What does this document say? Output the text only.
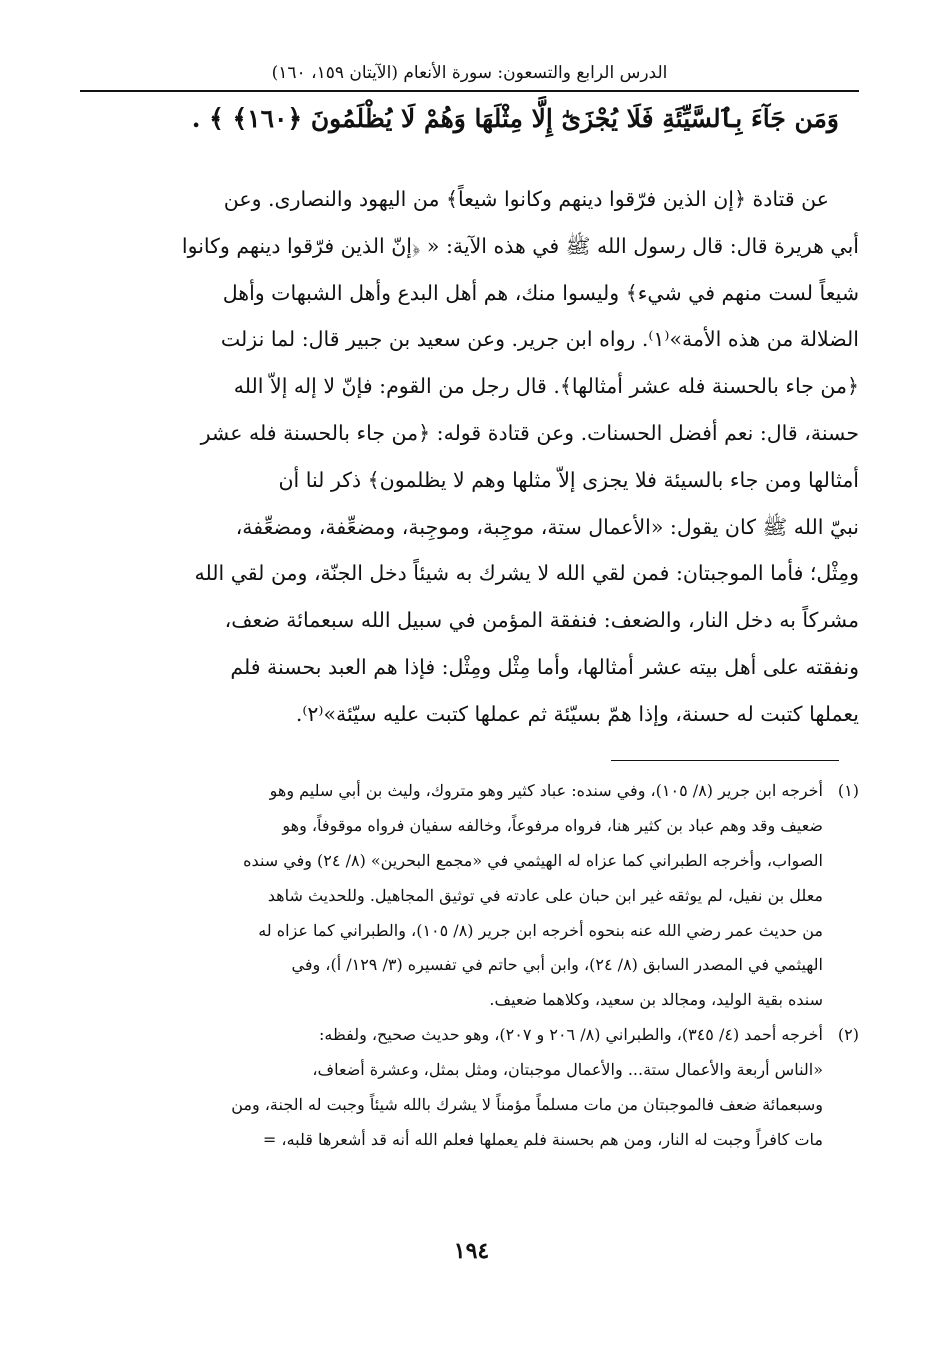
الدرس الرابع والتسعون: سورة الأنعام (الآيتان ١٥٩، ١٦٠)
وَمَن جَآءَ بِٱلسَّيِّئَةِ فَلَا يُجْزَىٰٓ إِلَّا مِثْلَهَا وَهُمْ لَا يُظْلَمُونَ ﴿١٦٠﴾ ﴾ .
عن قتادة ﴿إن الذين فرّقوا دينهم وكانوا شيعاً﴾ من اليهود والنصارى. وعن
أبي هريرة قال: قال رسول الله ﷺ في هذه الآية: « ﴿إنّ الذين فرّقوا دينهم وكانوا
شيعاً لست منهم في شيء﴾ وليسوا منك، هم أهل البدع وأهل الشبهات وأهل
الضلالة من هذه الأمة»⁽١⁾. رواه ابن جرير. وعن سعيد بن جبير قال: لما نزلت
﴿من جاء بالحسنة فله عشر أمثالها﴾. قال رجل من القوم: فإنّ لا إله إلاّ الله
حسنة، قال: نعم أفضل الحسنات. وعن قتادة قوله: ﴿من جاء بالحسنة فله عشر
أمثالها ومن جاء بالسيئة فلا يجزى إلاّ مثلها وهم لا يظلمون﴾ ذكر لنا أن
نبيّ الله ﷺ كان يقول: «الأعمال ستة، موجِبة، وموجِبة، ومضعِّفة، ومضعِّفة،
ومِثْل؛ فأما الموجبتان: فمن لقي الله لا يشرك به شيئاً دخل الجنّة، ومن لقي الله
مشركاً به دخل النار، والضعف: فنفقة المؤمن في سبيل الله سبعمائة ضعف،
ونفقته على أهل بيته عشر أمثالها، وأما مِثْل ومِثْل: فإذا هم العبد بحسنة فلم
يعملها كتبت له حسنة، وإذا همّ بسيّئة ثم عملها كتبت عليه سيّئة»⁽٢⁾.
(١)
أخرجه ابن جرير (٨/ ١٠٥)، وفي سنده: عباد كثير وهو متروك، وليث بن أبي سليم وهو
ضعيف وقد وهم عباد بن كثير هنا، فرواه مرفوعاً، وخالفه سفيان فرواه موقوفاً، وهو
الصواب، وأخرجه الطبراني كما عزاه له الهيثمي في «مجمع البحرين» (٨/ ٢٤) وفي سنده
معلل بن نفيل، لم يوثقه غير ابن حبان على عادته في توثيق المجاهيل. وللحديث شاهد
من حديث عمر رضي الله عنه بنحوه أخرجه ابن جرير (٨/ ١٠٥)، والطبراني كما عزاه له
الهيثمي في المصدر السابق (٨/ ٢٤)، وابن أبي حاتم في تفسيره (٣/ ١٢٩/ أ)، وفي
سنده بقية الوليد، ومجالد بن سعيد، وكلاهما ضعيف.
(٢)
أخرجه أحمد (٤/ ٣٤٥)، والطبراني (٨/ ٢٠٦ و ٢٠٧)، وهو حديث صحيح، ولفظه:
«الناس أربعة والأعمال ستة... والأعمال موجبتان، ومثل بمثل، وعشرة أضعاف،
وسبعمائة ضعف فالموجبتان من مات مسلماً مؤمناً لا يشرك بالله شيئاً وجبت له الجنة، ومن
مات كافراً وجبت له النار، ومن هم بحسنة فلم يعملها فعلم الله أنه قد أشعرها قلبه، =
١٩٤
